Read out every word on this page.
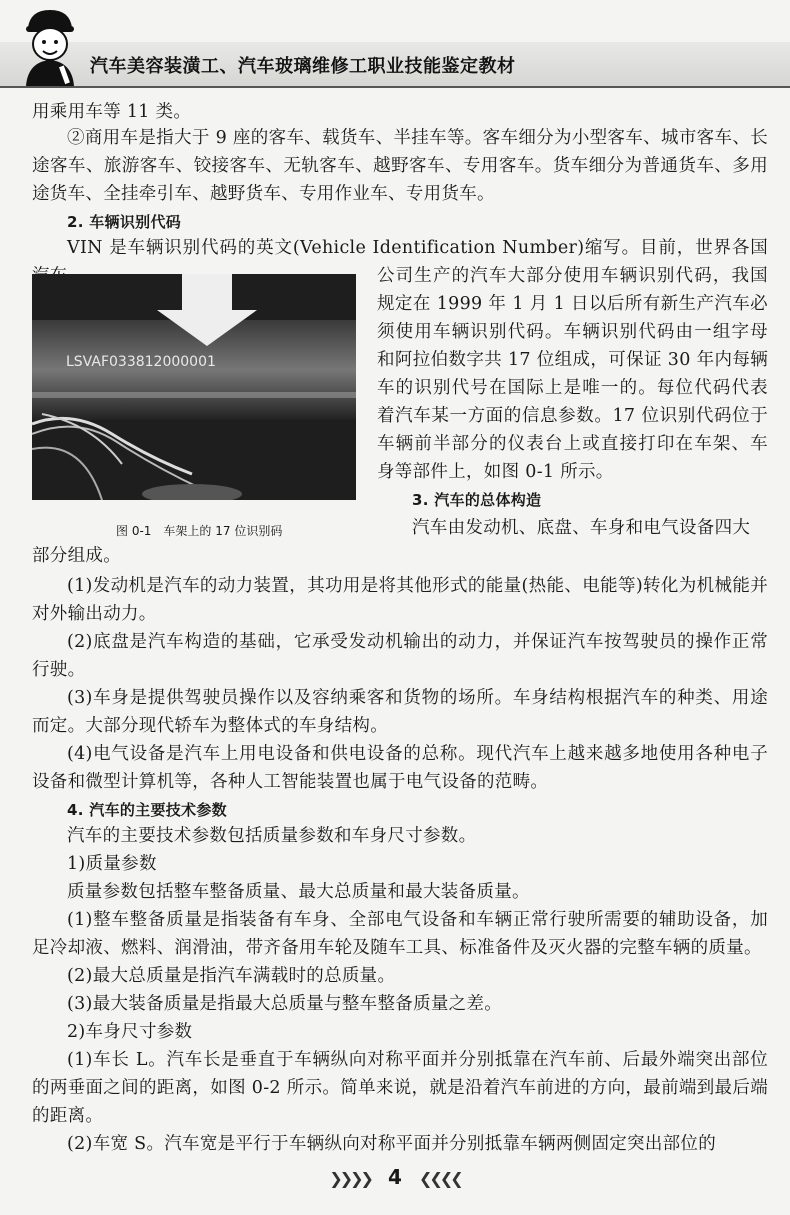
汽车美容装潢工、汽车玻璃维修工职业技能鉴定教材
用乘用车等 11 类。
②商用车是指大于 9 座的客车、载货车、半挂车等。客车细分为小型客车、城市客车、长途客车、旅游客车、铰接客车、无轨客车、越野客车、专用客车。货车细分为普通货车、多用途货车、全挂牵引车、越野货车、专用作业车、专用货车。
2. 车辆识别代码
VIN 是车辆识别代码的英文(Vehicle Identification Number)缩写。目前，世界各国
LSVAF033812000001
公司生产的汽车大部分使用车辆识别代码，我国规定在 1999 年 1 月 1 日以后所有新生产汽车必须使用车辆识别代码。车辆识别代码由一组字母和阿拉伯数字共 17 位组成，可保证 30 年内每辆车的识别代号在国际上是唯一的。每位代码代表着汽车某一方面的信息参数。17 位识别代码位于车辆前半部分的仪表台上或直接打印在车架、车身等部件上，如图 0-1 所示。
3. 汽车的总体构造
图 0-1　车架上的 17 位识别码	汽车由发动机、底盘、车身和电气设备四大
部分组成。
(1)发动机是汽车的动力装置，其功用是将其他形式的能量(热能、电能等)转化为机械能并对外输出动力。
(2)底盘是汽车构造的基础，它承受发动机输出的动力，并保证汽车按驾驶员的操作正常行驶。
(3)车身是提供驾驶员操作以及容纳乘客和货物的场所。车身结构根据汽车的种类、用途而定。大部分现代轿车为整体式的车身结构。
(4)电气设备是汽车上用电设备和供电设备的总称。现代汽车上越来越多地使用各种电子设备和微型计算机等，各种人工智能装置也属于电气设备的范畴。
4. 汽车的主要技术参数
汽车的主要技术参数包括质量参数和车身尺寸参数。
1)质量参数
质量参数包括整车整备质量、最大总质量和最大装备质量。
(1)整车整备质量是指装备有车身、全部电气设备和车辆正常行驶所需要的辅助设备，加足冷却液、燃料、润滑油，带齐备用车轮及随车工具、标准备件及灭火器的完整车辆的质量。
(2)最大总质量是指汽车满载时的总质量。
(3)最大装备质量是指最大总质量与整车整备质量之差。
2)车身尺寸参数
(1)车长 L。汽车长是垂直于车辆纵向对称平面并分别抵靠在汽车前、后最外端突出部位的两垂面之间的距离，如图 0-2 所示。简单来说，就是沿着汽车前进的方向，最前端到最后端的距离。
(2)车宽 S。汽车宽是平行于车辆纵向对称平面并分别抵靠车辆两侧固定突出部位的
❯❯❯❯ 4 ❮❮❮❮
